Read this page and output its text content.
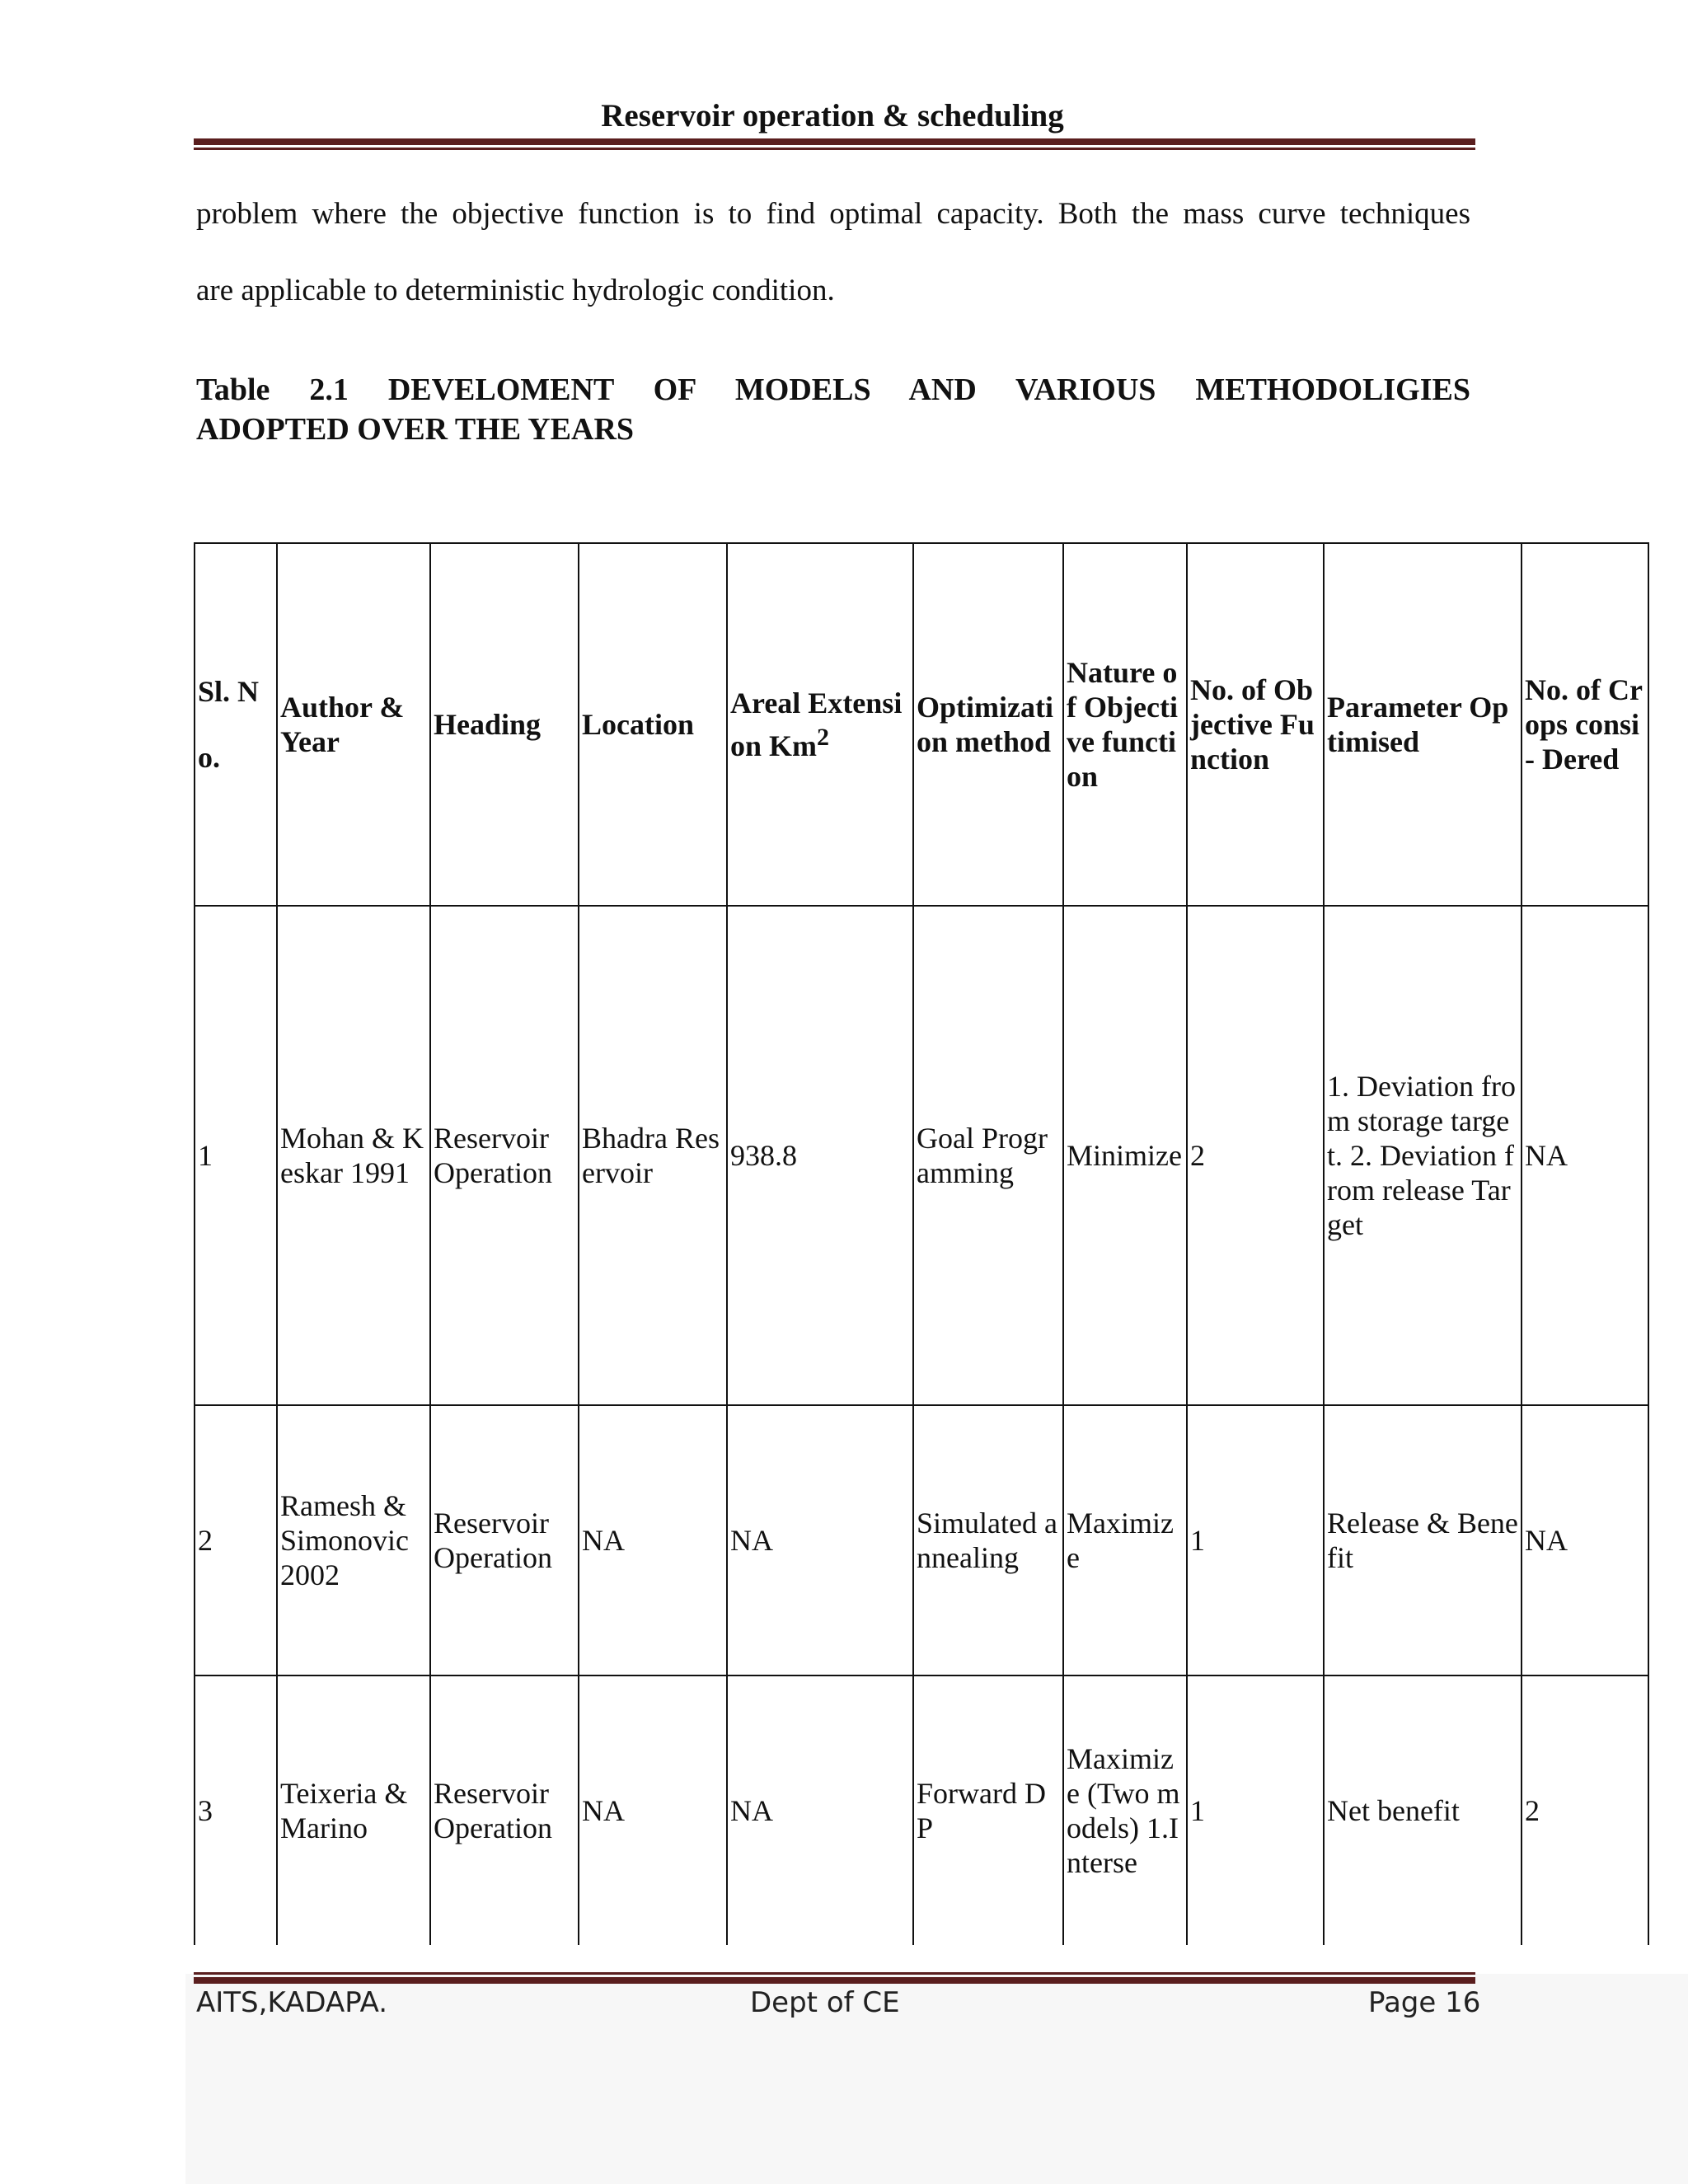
Reservoir operation & scheduling
problem where the objective function is to find optimal capacity. Both the mass curve techniques
are applicable to deterministic hydrologic condition.
Table 2.1 DEVELOMENT OF MODELS AND VARIOUS METHODOLIGIES
ADOPTED OVER THE YEARS
Sl. No.	Author & Year	Heading	Location	Areal Extension Km$^2$	Optimization method	Nature of Objective function	No. of Objective Function	Parameter Optimised	No. of Crops consi- Dered
1	Mohan & Keskar 1991	Reservoir Operation	Bhadra Reservoir	938.8	Goal Programming	Minimize	2	1. Deviation from storage target. 2. Deviation from release Target	NA
2	Ramesh & Simonovic 2002	Reservoir Operation	NA	NA	Simulated annealing	Maximize	1	Release & Benefit	NA
3	Teixeria & Marino	Reservoir Operation	NA	NA	Forward DP	Maximize (Two models) 1.Interse	1	Net benefit	2
AITS,KADAPA.	Dept of CE	Page 16
